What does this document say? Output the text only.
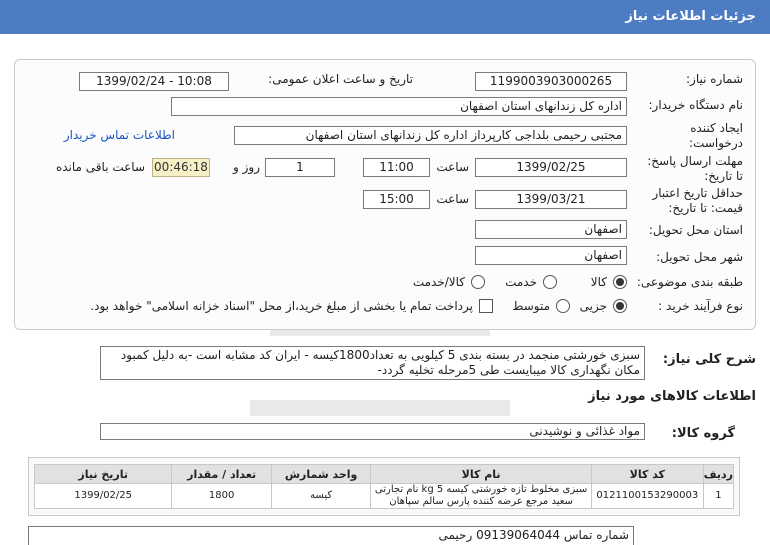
جزئیات اطلاعات نیاز
شماره نیاز:
1199003903000265
تاریخ و ساعت اعلان عمومی:
1399/02/24 - 10:08
نام دستگاه خریدار:
اداره کل زندانهای استان اصفهان
ایجاد کننده
درخواست:
مجتبی رحیمی بلداجی کارپرداز اداره کل زندانهای استان اصفهان
اطلاعات تماس خریدار
مهلت ارسال پاسخ:
تا تاریخ:
1399/02/25
ساعت
11:00
1
روز و
00:46:18
ساعت باقی مانده
حداقل تاریخ اعتبار
قیمت: تا تاریخ:
1399/03/21
ساعت
15:00
استان محل تحویل:
اصفهان
شهر محل تحویل:
اصفهان
طبقه بندی موضوعی:
کالا
خدمت
کالا/خدمت
نوع فرآیند خرید :
جزیی
متوسط
پرداخت تمام یا بخشی از مبلغ خرید،از محل "اسناد خزانه اسلامی" خواهد بود.
شرح کلی نیاز:
سبزی خورشتی منجمد در بسته بندی 5 کیلویی به تعداد1800کیسه - ایران کد مشابه است -به دلیل کمبود مکان نگهداری کالا میبایست طی 5مرحله تخلیه گردد-
اطلاعات کالاهای مورد نیاز
گروه کالا:
مواد غذائی و نوشیدنی
ردیف	کد کالا	نام کالا	واحد شمارش	تعداد / مقدار	تاریخ نیاز
1	0121100153290003	سبزی مخلوط تازه خورشتی کیسه 5 kg نام تجارتی سعید مرجع عرضه کننده پارس سالم سپاهان	کیسه	1800	1399/02/25
شماره تماس 09139064044 رحیمی
